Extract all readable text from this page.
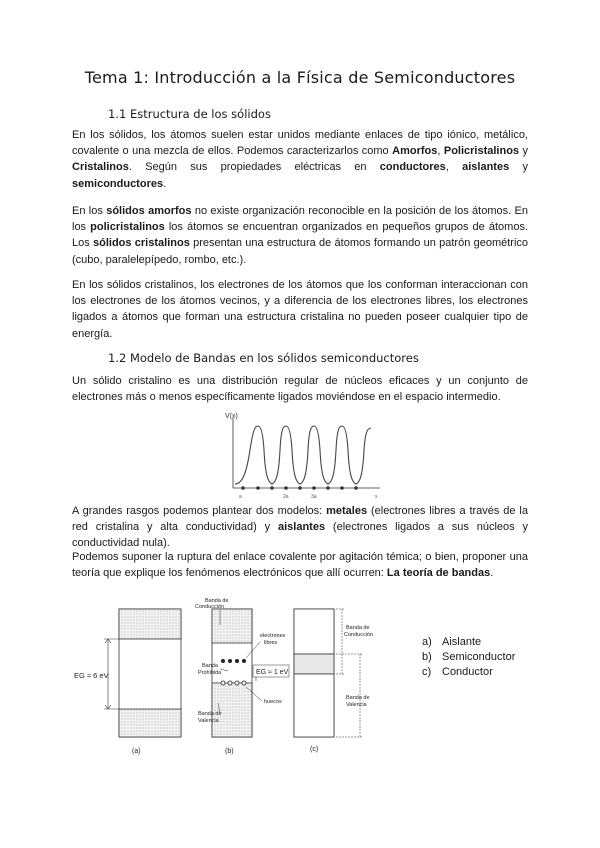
Tema 1: Introducción a la Física de Semiconductores
1.1 Estructura de los sólidos
En los sólidos, los átomos suelen estar unidos mediante enlaces de tipo iónico, metálico, covalente o una mezcla de ellos. Podemos caracterizarlos como Amorfos, Policristalinos y Cristalinos. Según sus propiedades eléctricas en conductores, aislantes y semiconductores.
En los sólidos amorfos no existe organización reconocible en la posición de los átomos. En los policristalinos los átomos se encuentran organizados en pequeños grupos de átomos. Los sólidos cristalinos presentan una estructura de átomos formando un patrón geométrico (cubo, paralelepípedo, rombo, etc.).
En los sólidos cristalinos, los electrones de los átomos que los conforman interaccionan con los electrones de los átomos vecinos, y a diferencia de los electrones libres, los electrones ligados a átomos que forman una estructura cristalina no pueden poseer cualquier tipo de energía.
1.2 Modelo de Bandas en los sólidos semiconductores
Un sólido cristalino es una distribución regular de núcleos eficaces y un conjunto de electrones más o menos específicamente ligados moviéndose en el espacio intermedio.
V(x)
a	2a	3a	x
A grandes rasgos podemos plantear dos modelos: metales (electrones libres a través de la red cristalina y alta conductividad) y aislantes (electrones ligados a sus núcleos y conductividad nula).
Podemos suponer la ruptura del enlace covalente por agitación témica; o bien, proponer una teoría que explique los fenómenos electrónicos que allí ocurren: La teoría de bandas.
EG ≈ 6 eV
(a)
EG ≈ 1 eV
Banda de
Conducción
electrones
libres
Banda
Prohibida
huecos
Banda de
Valencia
(b)
Banda de
Conducción
Banda de
Valencia
(c)
a) Aislante
b) Semiconductor
c) Conductor
